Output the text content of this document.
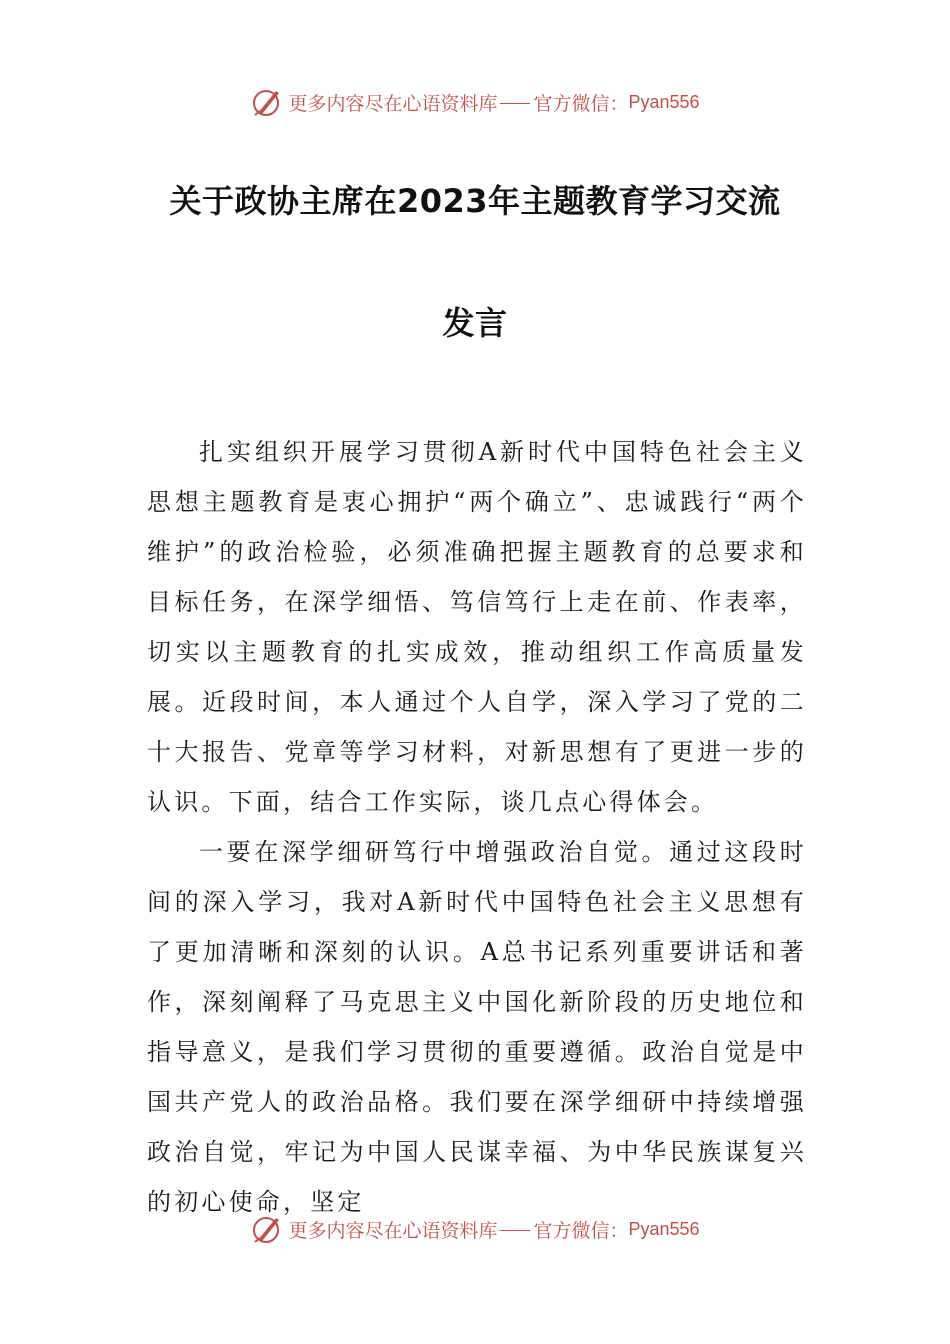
更多内容尽在心语资料库 官方微信： Pyan556
关于政协主席在2023年主题教育学习交流
发言

扎实组织开展学习贯彻A新时代中国特色社会主义思想主题教育是衷心拥护“两个确立”、忠诚践行“两个维护”的政治检验，必须准确把握主题教育的总要求和目标任务，在深学细悟、笃信笃行上走在前、作表率，切实以主题教育的扎实成效，推动组织工作高质量发展。近段时间，本人通过个人自学，深入学习了党的二十大报告、党章等学习材料，对新思想有了更进一步的认识。下面，结合工作实际，谈几点心得体会。

一要在深学细研笃行中增强政治自觉。通过这段时间的深入学习，我对A新时代中国特色社会主义思想有了更加清晰和深刻的认识。A总书记系列重要讲话和著作，深刻阐释了马克思主义中国化新阶段的历史地位和指导意义，是我们学习贯彻的重要遵循。政治自觉是中国共产党人的政治品格。我们要在深学细研中持续增强政治自觉，牢记为中国人民谋幸福、为中华民族谋复兴的初心使命，坚定

更多内容尽在心语资料库 官方微信： Pyan556
